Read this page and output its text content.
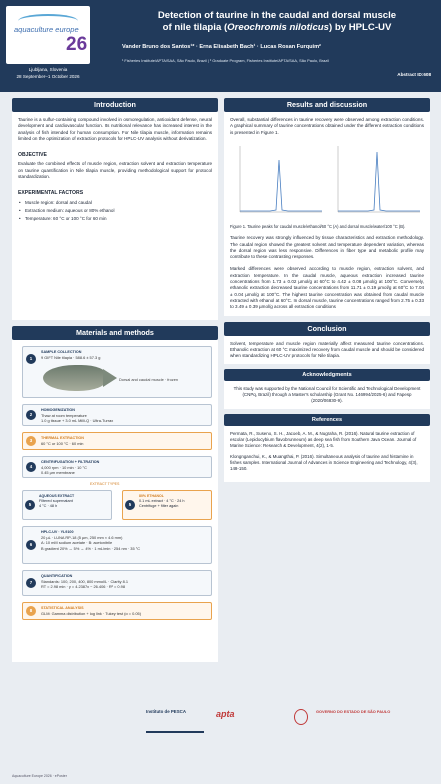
aquaculture europe
26
Ljubljana, Slovenia
28 September–1 October 2026
Detection of taurine in the caudal and dorsal muscle
of nile tilapia (Oreochromis niloticus) by HPLC-UV
Vander Bruno dos Santos¹* · Erna Elisabeth Bach¹ · Lucas Rosan Furquim²
¹ Fisheries Institute/APTA/SAA, São Paulo, Brazil | ² Graduate Program, Fisheries Institute/APTA/SAA, São Paulo, Brazil
Abstract ID:608
Introduction

Taurine is a sulfur-containing compound involved in osmoregulation, antioxidant defense, neural development and cardiovascular function. Its nutritional relevance has increased interest in the analysis of fish intended for human consumption. For Nile tilapia muscle, information remains limited on the optimization of extraction protocols for HPLC-UV analysis without derivatization.

OBJECTIVE

Evaluate the combined effects of muscle region, extraction solvent and extraction temperature on taurine quantification in Nile tilapia muscle, providing methodological support for protocol standardization.

EXPERIMENTAL FACTORS
• Muscle region: dorsal and caudal
• Extraction medium: aqueous or 80% ethanol
• Temperature: 60 °C or 100 °C for 60 min
Materials and methods
1
SAMPLE COLLECTION
9 GIFT Nile tilapia · 588.6 ± 57.3 g
Dorsal and caudal muscle · frozen
2
HOMOGENIZATION
Thaw at room temperature
1.0 g tissue + 3.0 mL Milli-Q · Ultra-Turrax
3	THERMAL EXTRACTION
60 °C or 100 °C · 60 min
4
CENTRIFUGATION + FILTRATION
4,000 rpm · 10 min · 10 °C
0.45 µm membrane
EXTRACT TYPES
5
AQUEOUS EXTRACT
Filtered supernatant
4 °C · 48 h	5
80% ETHANOL
0.1 mL extract · 4 °C · 24 h
Centrifuge + filter again
6
HPLC-UV · YL9100
20 µL · LUNA RP-18 (5 µm, 250 mm × 4.6 mm)
A: 10 mM sodium acetate · B: acetonitrile
B gradient 20% → 5% → 4% · 1 mL/min · 254 nm · 35 °C
7
QUANTIFICATION
Standards: 100, 200, 400, 800 mmol/L · Clarity 8.1
RT = 2.98 min · y = 4.2387x − 26.406 · R² = 0.98
8	STATISTICAL ANALYSIS
GLM: Gamma distribution + log link · Tukey test (α = 0.05)
Results and discussion

Overall, substantial differences in taurine recovery were observed among extraction conditions. A graphical summary of taurine concentrations obtained under the different extraction conditions is presented in Figure 1.

Figure 1. Taurine peaks for caudal muscle/ethanol/60 °C (A) and dorsal muscle/water/100 °C (B).

Taurine recovery was strongly influenced by tissue characteristics and extraction methodology. The caudal region showed the greatest solvent and temperature dependent variation, whereas the dorsal region was less responsive. Differences in fiber type and metabolic profile may contribute to these contrasting responses.

Marked differences were observed according to muscle region, extraction solvent, and extraction temperature. In the caudal muscle, aqueous extraction increased taurine concentrations from 1.73 ± 0.02 µmol/g at 60°C to 4.42 ± 0.08 µmol/g at 100°C. Conversely, ethanolic extraction decreased taurine concentrations from 11.71 ± 0.19 µmol/g at 60°C to 7.04 ± 0.04 µmol/g at 100°C. The highest taurine concentration was obtained from caudal muscle extracted with ethanol at 60°C. In dorsal muscle, taurine concentrations ranged from 2.75 ± 0.33 to 3.49 ± 0.39 µmol/g across all extraction conditions

Conclusion

Solvent, temperature and muscle region materially affect measured taurine concentrations. Ethanolic extraction at 60 °C maximized recovery from caudal muscle and should be considered when standardizing HPLC-UV protocols for Nile tilapia.

Acknowledgments

This study was supported by the National Council for Scientific and Technological Development (CNPq, Brazil) through a Master's scholarship (Grant No. 146994/2025-6) and Fapesp (2020/06830-9).

References

Permata, R., Suseno, S. H., Jacoeb, A. M., & Nugraha, R. (2016). Natural taurine extraction of escolar (Lepidocybium flavobrunneum) as deep sea fish from Southern Java Ocean. Journal of Marine Science: Research & Development, 4(2), 1-5.

Klongnganchui, K., & Muangthai, P. (2016). Simultaneous analysis of taurine and histamine in fishes samples. International Journal of Advances in Science Engineering and Technology, 4(3), 148-150.

Instituto de PESCA	apta	GOVERNO DO ESTADO DE SÃO PAULO
Aquaculture Europe 2026 · ePoster
